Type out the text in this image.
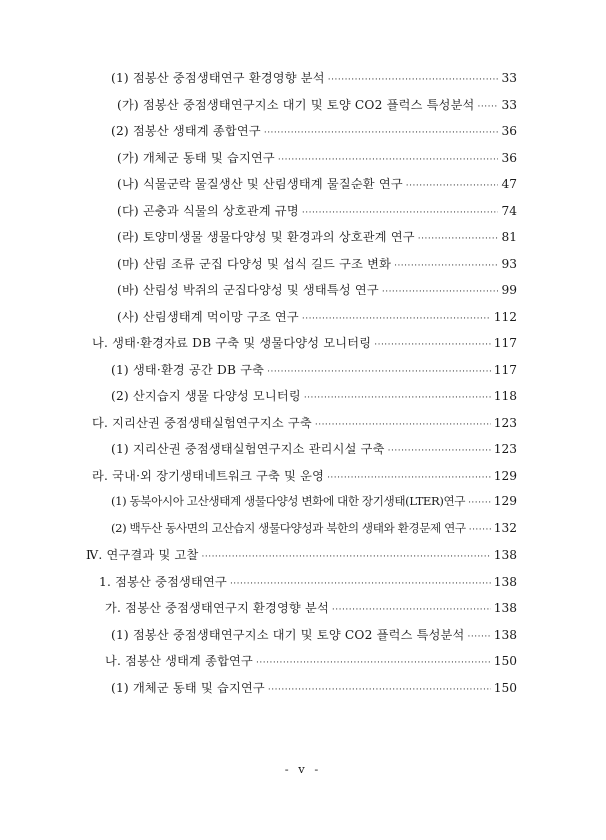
(1) 점봉산 중점생태연구 환경영향 분석 ·····	33
(가) 점봉산 중점생태연구지소 대기 및 토양 CO2 플럭스 특성분석 ····· 33
(2) 점봉산 생태계 종합연구 ·····	36
(가) 개체군 동태 및 습지연구 ·····	36
(나) 식물군락 물질생산 및 산림생태계 물질순환 연구 ·····	47
(다) 곤충과 식물의 상호관계 규명 ·····	74
(라) 토양미생물 생물다양성 및 환경과의 상호관계 연구 ·····	81
(마) 산림 조류 군집 다양성 및 섭식 길드 구조 변화 ·····	93
(바) 산림성 박쥐의 군집다양성 및 생태특성 연구 ·····	99
(사) 산림생태계 먹이망 구조 연구 ·····	112
나. 생태·환경자료 DB 구축 및 생물다양성 모니터링 ·····	117
(1) 생태·환경 공간 DB 구축 ·····	117
(2) 산지습지 생물 다양성 모니터링 ·····	118
다. 지리산권 중점생태실험연구지소 구축 ·····	123
(1) 지리산권 중점생태실험연구지소 관리시설 구축 ·····	123
라. 국내·외 장기생태네트워크 구축 및 운영 ·····	129
(1) 동북아시아 고산생태계 생물다양성 변화에 대한 장기생태(LTER)연구 ····· 129
(2) 백두산 동사면의 고산습지 생물다양성과 북한의 생태와 환경문제 연구 ····· 132
Ⅳ. 연구결과 및 고찰 ·····	138
1. 점봉산 중점생태연구 ·····	138
가. 점봉산 중점생태연구지 환경영향 분석 ·····	138
(1) 점봉산 중점생태연구지소 대기 및 토양 CO2 플럭스 특성분석 ····· 138
나. 점봉산 생태계 종합연구 ·····	150
(1) 개체군 동태 및 습지연구 ·····	150
- v -
